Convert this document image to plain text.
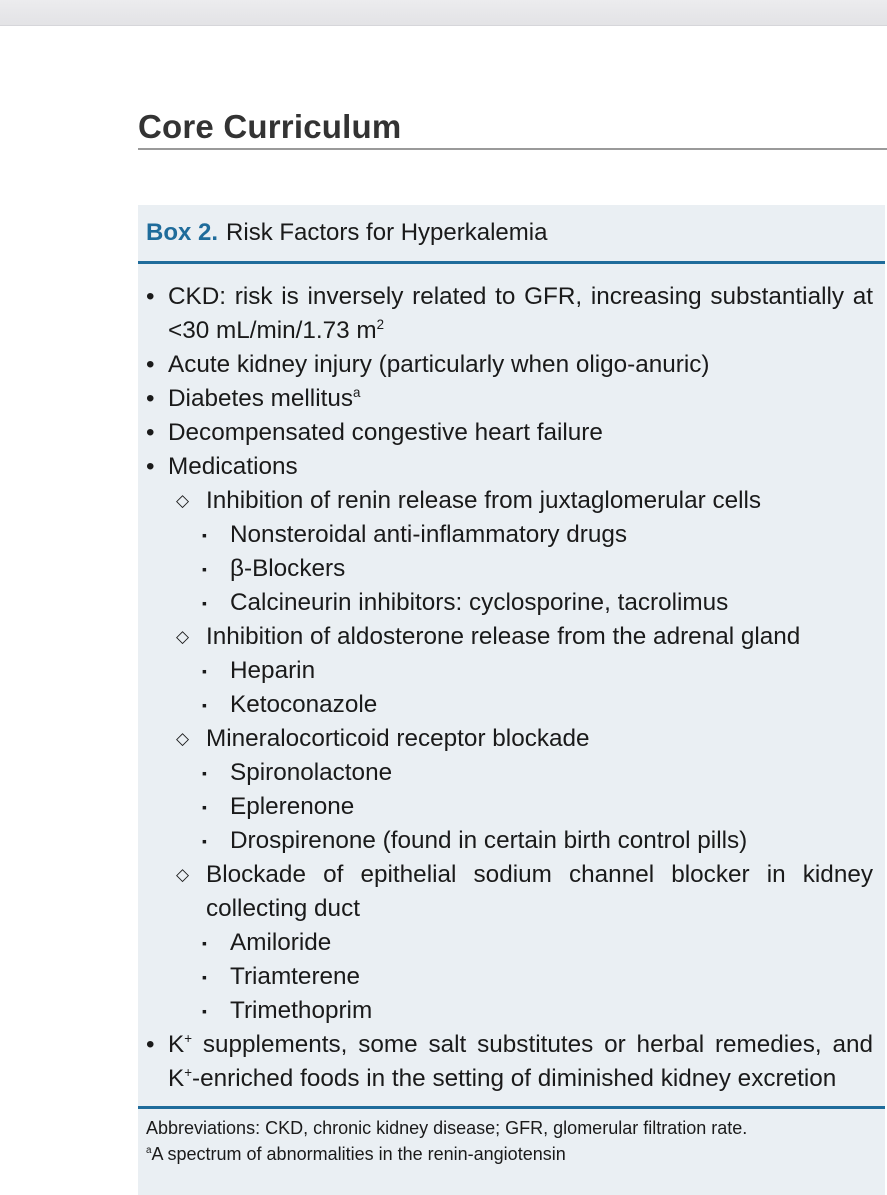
Core Curriculum
Box 2. Risk Factors for Hyperkalemia
• CKD: risk is inversely related to GFR, increasing substantially at <30 mL/min/1.73 $m^2$
• Acute kidney injury (particularly when oligo-anuric)
• Diabetes mellitus$^a$
• Decompensated congestive heart failure
• Medications
◇ Inhibition of renin release from juxtaglomerular cells
▪ Nonsteroidal anti-inflammatory drugs
▪ β-Blockers
▪ Calcineurin inhibitors: cyclosporine, tacrolimus
◇ Inhibition of aldosterone release from the adrenal gland
▪ Heparin
▪ Ketoconazole
◇ Mineralocorticoid receptor blockade
▪ Spironolactone
▪ Eplerenone
▪ Drospirenone (found in certain birth control pills)
◇ Blockade of epithelial sodium channel blocker in kidney collecting duct
▪ Amiloride
▪ Triamterene
▪ Trimethoprim
• K+ supplements, some salt substitutes or herbal remedies, and K+-enriched foods in the setting of diminished kidney excretion
Abbreviations: CKD, chronic kidney disease; GFR, glomerular filtration rate.
$^a$A spectrum of abnormalities in the renin-angiotensin
